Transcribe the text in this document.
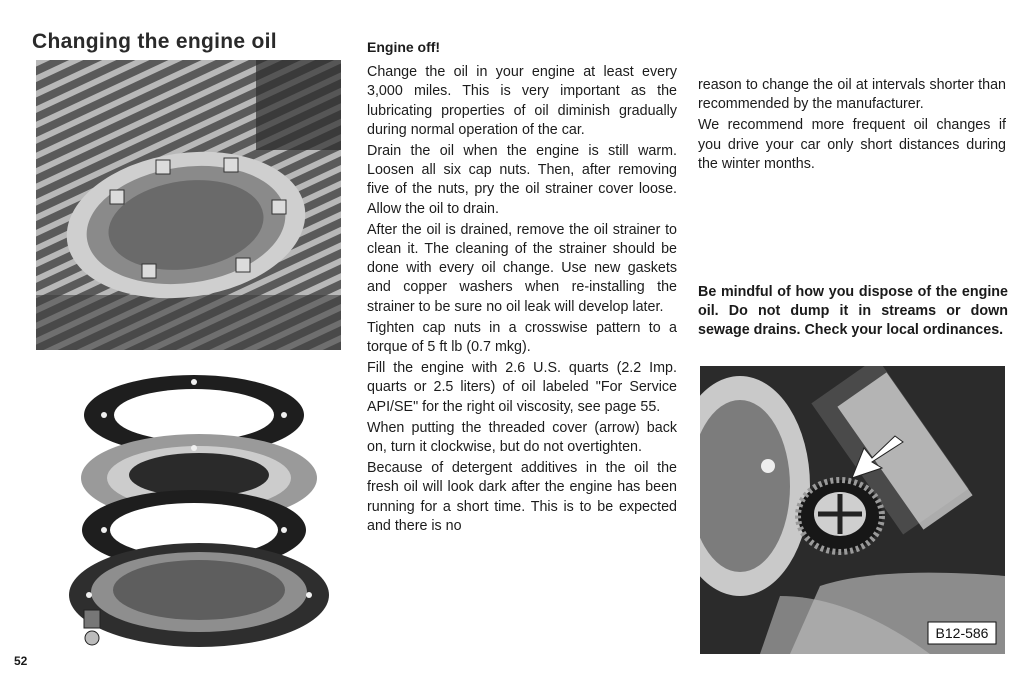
Changing the engine oil
52

Engine off!

Change the oil in your engine at least every 3,000 miles. This is very important as the lubricating properties of oil diminish gradually during normal operation of the car.

Drain the oil when the engine is still warm. Loosen all six cap nuts. Then, after removing five of the nuts, pry the oil strainer cover loose. Allow the oil to drain.

After the oil is drained, remove the oil strainer to clean it. The cleaning of the strainer should be done with every oil change. Use new gaskets and copper washers when re-installing the strainer to be sure no oil leak will develop later.

Tighten cap nuts in a crosswise pattern to a torque of 5 ft lb (0.7 mkg).

Fill the engine with 2.6 U.S. quarts (2.2 Imp. quarts or 2.5 liters) of oil labeled "For Service API/SE" for the right oil viscosity, see page 55.

When putting the threaded cover (arrow) back on, turn it clockwise, but do not overtighten.

Because of detergent additives in the oil the fresh oil will look dark after the engine has been running for a short time. This is to be expected and there is no

reason to change the oil at intervals shorter than recommended by the manufacturer.

We recommend more frequent oil changes if you drive your car only short distances during the winter months.

Be mindful of how you dispose of the engine oil. Do not dump it in streams or down sewage drains. Check your local ordinances.

B12-586
